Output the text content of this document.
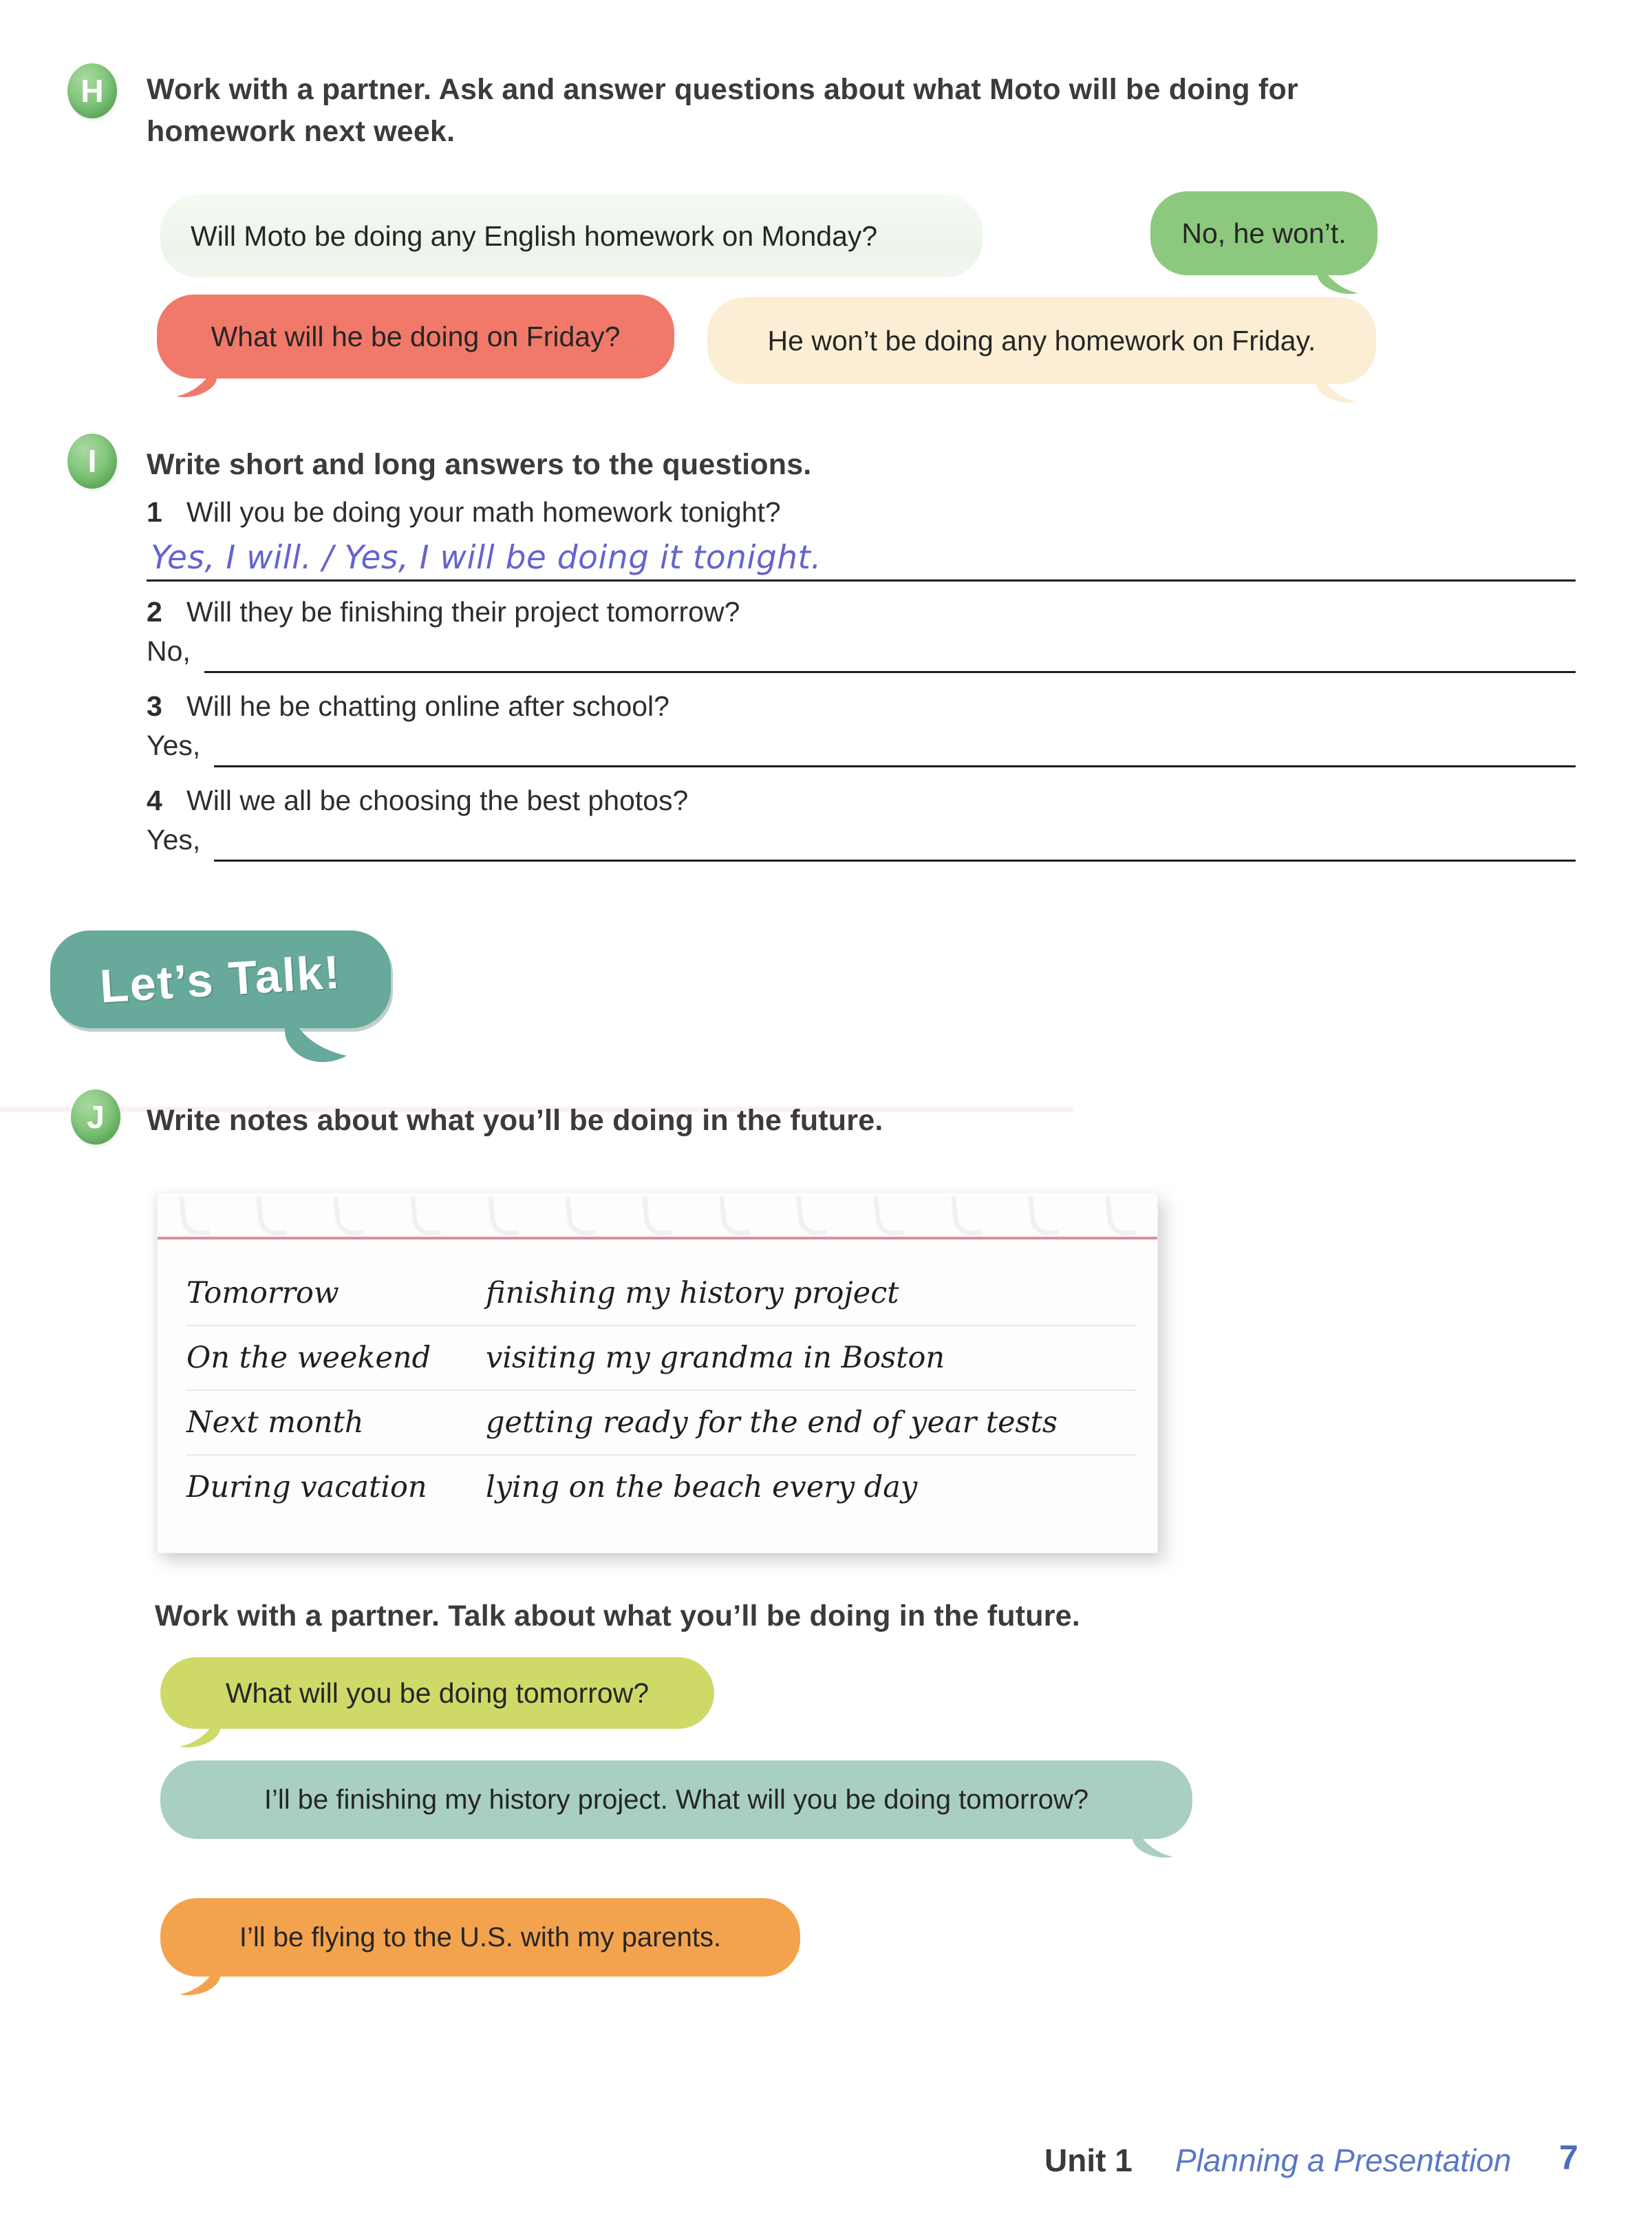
H Work with a partner. Ask and answer questions about what Moto will be doing for homework next week.
Will Moto be doing any English homework on Monday?	No, he won’t.
What will he be doing on Friday?	He won’t be doing any homework on Friday.
I Write short and long answers to the questions.
1 Will you be doing your math homework tonight?
Yes, I will. / Yes, I will be doing it tonight.
2 Will they be finishing their project tomorrow?
No,
3 Will he be chatting online after school?
Yes,
4 Will we all be choosing the best photos?
Yes,
Let’s Talk!
J Write notes about what you’ll be doing in the future.
Tomorrow	finishing my history project
On the weekend	visiting my grandma in Boston
Next month	getting ready for the end of year tests
During vacation	lying on the beach every day
Work with a partner. Talk about what you’ll be doing in the future.
What will you be doing tomorrow?
I’ll be finishing my history project. What will you be doing tomorrow?
I’ll be flying to the U.S. with my parents.
Unit 1 Planning a Presentation 7
